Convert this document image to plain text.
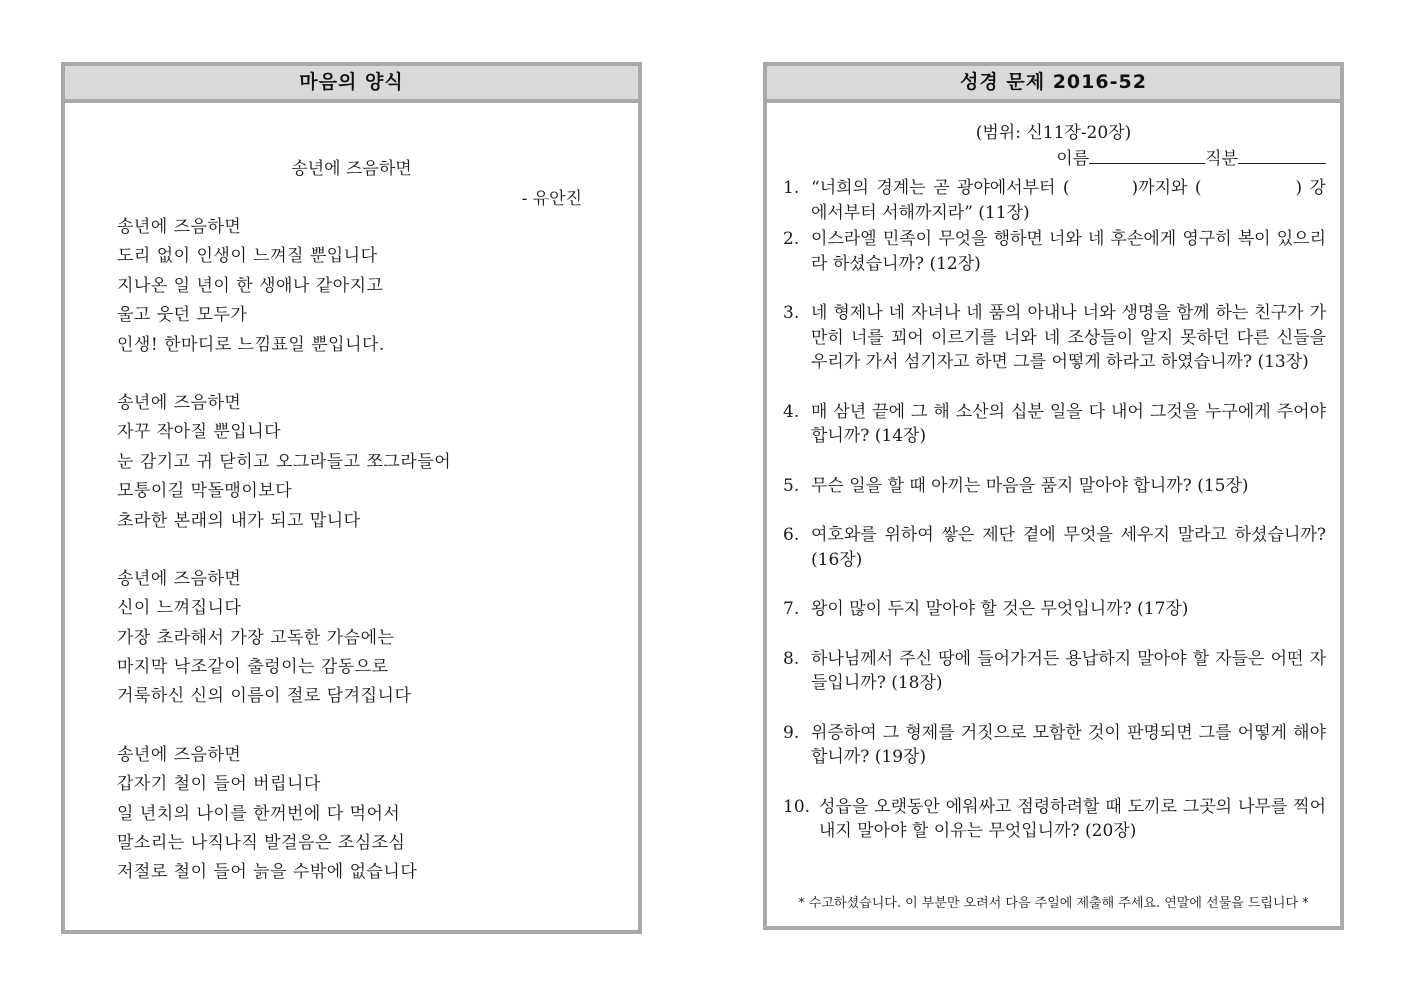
마음의 양식
송년에 즈음하면
- 유안진
송년에 즈음하면
도리 없이 인생이 느껴질 뿐입니다
지나온 일 년이 한 생애나 같아지고
울고 웃던 모두가
인생! 한마디로 느낌표일 뿐입니다.
송년에 즈음하면
자꾸 작아질 뿐입니다
눈 감기고 귀 닫히고 오그라들고 쪼그라들어
모퉁이길 막돌맹이보다
초라한 본래의 내가 되고 맙니다
송년에 즈음하면
신이 느껴집니다
가장 초라해서 가장 고독한 가슴에는
마지막 낙조같이 출렁이는 감동으로
거룩하신 신의 이름이 절로 담겨집니다
송년에 즈음하면
갑자기 철이 들어 버립니다
일 년치의 나이를 한꺼번에 다 먹어서
말소리는 나직나직 발걸음은 조심조심
저절로 철이 들어 늙을 수밖에 없습니다
성경 문제 2016-52
(범위: 신11장-20장)
이름	직분
1. “너희의 경계는 곧 광야에서부터 (	)까지와 (	) 강에서부터 서해까지라” (11장)
2. 이스라엘 민족이 무엇을 행하면 너와 네 후손에게 영구히 복이 있으리라 하셨습니까? (12장)
3. 네 형제나 네 자녀나 네 품의 아내나 너와 생명을 함께 하는 친구가 가만히 너를 꾀어 이르기를 너와 네 조상들이 알지 못하던 다른 신들을 우리가 가서 섬기자고 하면 그를 어떻게 하라고 하였습니까? (13장)
4. 매 삼년 끝에 그 해 소산의 십분 일을 다 내어 그것을 누구에게 주어야 합니까? (14장)
5. 무슨 일을 할 때 아끼는 마음을 품지 말아야 합니까? (15장)
6. 여호와를 위하여 쌓은 제단 곁에 무엇을 세우지 말라고 하셨습니까? (16장)
7. 왕이 많이 두지 말아야 할 것은 무엇입니까? (17장)
8. 하나님께서 주신 땅에 들어가거든 용납하지 말아야 할 자들은 어떤 자들입니까? (18장)
9. 위증하여 그 형제를 거짓으로 모함한 것이 판명되면 그를 어떻게 해야 합니까? (19장)
10. 성읍을 오랫동안 에워싸고 점령하려할 때 도끼로 그곳의 나무를 찍어내지 말아야 할 이유는 무엇입니까? (20장)
* 수고하셨습니다. 이 부분만 오려서 다음 주일에 제출해 주세요. 연말에 선물을 드립니다 *
